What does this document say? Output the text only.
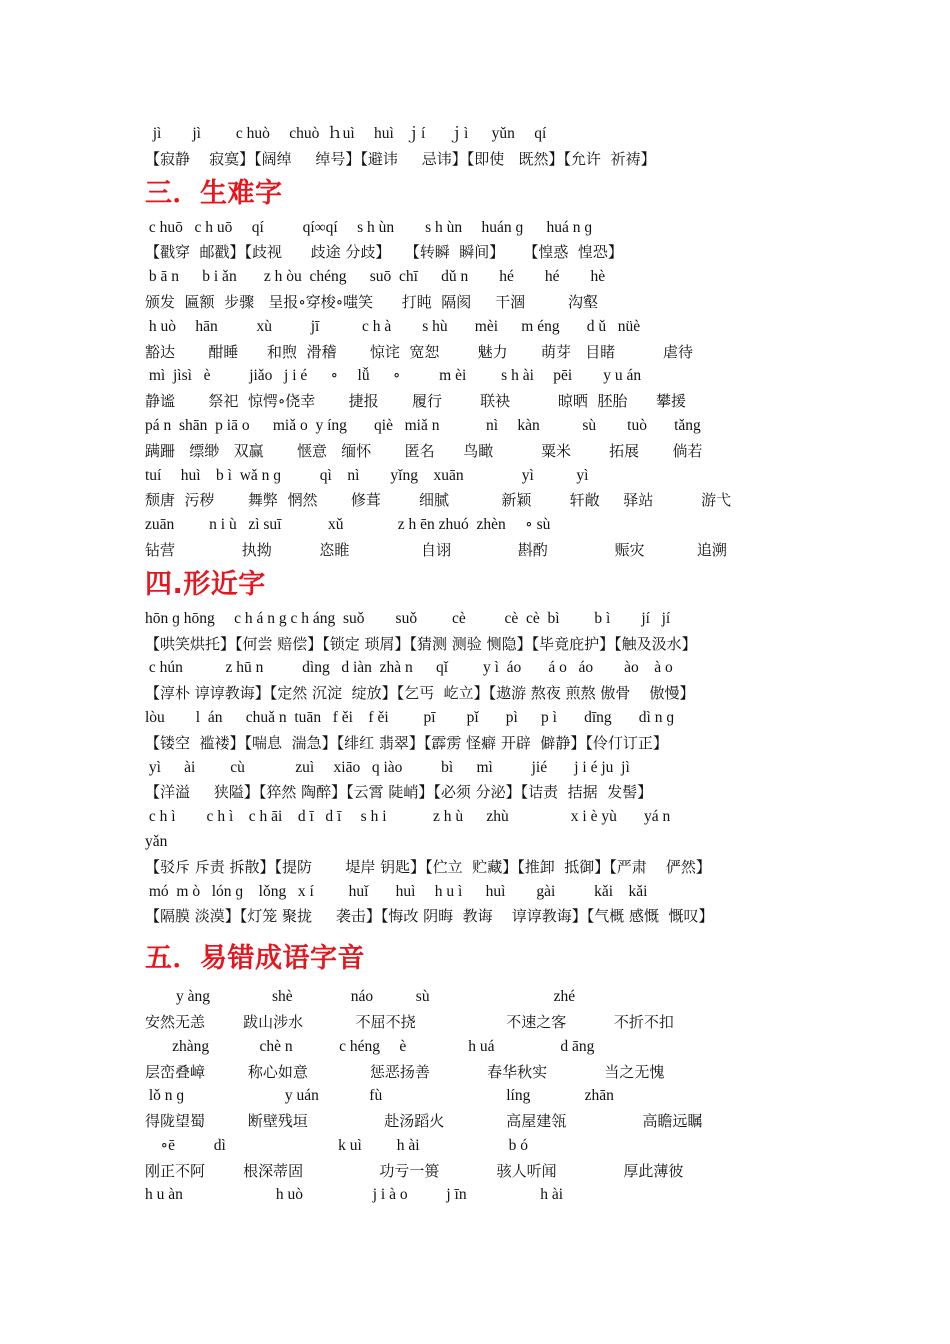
jì        jì         c huò     chuò  ｈuì     huì   ｊí      ｊì      yǔn     qí
【寂静    寂寞】【阔绰     绰号】【避讳     忌讳】【即使   既然】【允许  祈祷】
三．生难字
c huō   c h uō     qí          qí∞qí     s h ùn        s h ùn     huán ɡ      huá n ɡ
【戳穿  邮戳】【歧视      歧途 分歧】   【转瞬  瞬间】    【惶惑  惶恐】
b ā n      b i ǎn       z h òu  chéng      suō  chī      dǔ n        hé        hé        hè
颁发  匾额  步骤   呈报∘穿梭∘嗤笑      打盹  隔阂     干涸         沟壑
h uò     hān          xù          jī           c h à        s hù       mèi      m éng       d ǔ   nüè
豁达       酣睡      和煦  滑稽       惊诧  宽恕        魅力       萌芽   目睹          虐待
mì  jìsì   è          jiǎo   j i é      ∘     lǚ      ∘          m èi         s h ài     pēi        y u án
静谧       祭祀  惊愕∘侥幸       捷报       履行        联袂          晾晒  胚胎      攀援
pá n  shān  p iā o      miǎ o  y íng       qiè   miǎ n            nì     kàn           sù        tuò       tǎng
蹒跚   缥缈   双赢       惬意   缅怀       匿名      鸟瞰          粟米        拓展       倘若
tuí     huì    b ì  wǎ n ɡ          qì    nì        yǐng    xuān               yì           yì
颓唐  污秽       舞弊  惘然       修葺        细腻           新颖        轩敞     驿站          游弋
zuān         n i ù   zì suī            xǔ              z h ēn zhuó  zhèn     ∘ sù
钻营              执拗          恣睢               自诩              斟酌              赈灾           追溯
四.形近字
hōn ɡ hōng     c h á n g c h áng  suǒ        suǒ         cè          cè  cè  bì         b ì        jí   jí
【哄笑烘托】【何尝 赔偿】【锁定 琐屑】【猜测 测验 恻隐】【毕竟庇护】【触及汲水】
c hún           z hū n          dìng   d iàn  zhà n      qǐ         y ì  áo       á o   áo        ào    à o
【淳朴 谆谆教诲】【定然 沉淀  绽放】【乞丐  屹立】【遨游 熬夜 煎熬 傲骨    傲慢】
lòu        l  án      chuǎ n  tuān   f ěi    f ěi         pī        pǐ       pì      p ì       dīng       dì n ɡ
【镂空  褴褛】【喘息  湍急】【绯红 翡翠】【霹雳 怪癖 开辟  僻静】【伶仃订正】
yì      ài         cù             zuì     xiāo   q iào          bì      mì          jié       j i é ju  jì
【洋溢     狭隘】【猝然 陶醉】【云霄 陡峭】【必须 分泌】【诘责  拮据  发髻】
c h ì        c h ì    c h āi    d ī   d ī     s h i            z h ù      zhù                x i è yù       yá n
yǎn
【驳斥 斥责 拆散】【提防       堤岸 钥匙】【伫立  贮藏】【推卸  抵御】【严肃    俨然】
mó  m ò   lón ɡ    lǒng   x í         huǐ       huì     h u ì      huì        gài          kǎi    kǎi
【隔膜 淡漠】【灯笼 聚拢     袭击】【悔改 阴晦  教诲    谆谆教诲】【气概 感慨  慨叹】
五．易错成语字音
y àng                shè               náo           sù                                zhé
安然无恙        跋山涉水           不屈不挠                   不速之客          不折不扣
zhàng             chè n            c héng     è                h uá                 d āng
层峦叠嶂         称心如意             惩恶扬善            春华秋实            当之无愧
lǒ n ɡ                          y uán             fù                                líng              zhān
得陇望蜀         断壁残垣                赴汤蹈火             高屋建瓴                高瞻远瞩
∘ē          dì                             k uì         h ài                       b ó
刚正不阿        根深蒂固                功亏一篑            骇人听闻              厚此薄彼
h u àn                        h uò                  j i à o          j īn                   h ài
